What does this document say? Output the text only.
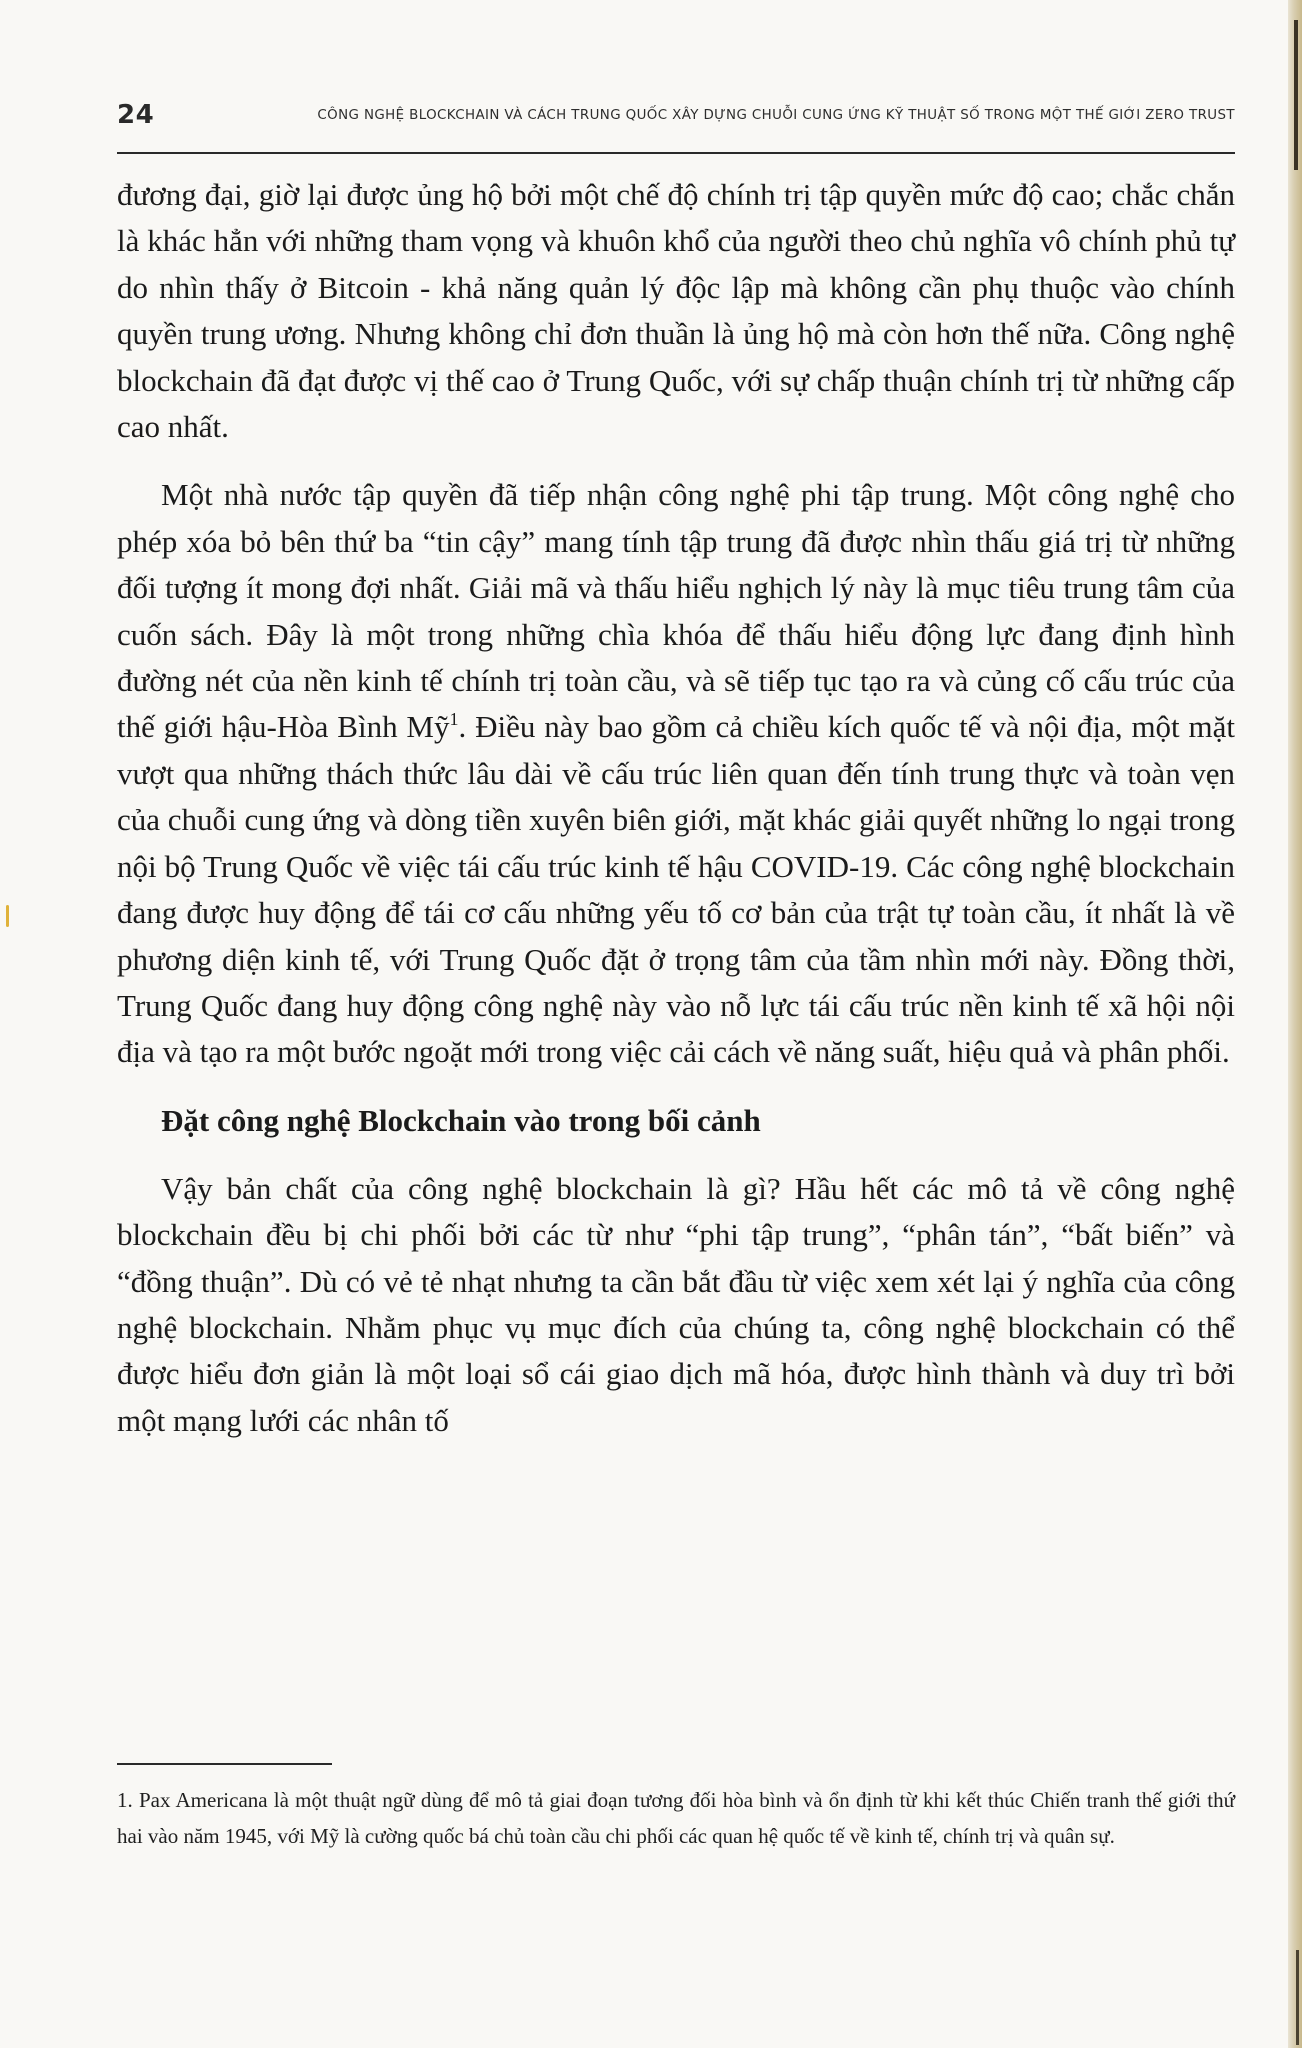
24	CÔNG NGHỆ BLOCKCHAIN VÀ CÁCH TRUNG QUỐC XÂY DỰNG CHUỖI CUNG ỨNG KỸ THUẬT SỐ TRONG MỘT THẾ GIỚI ZERO TRUST

đương đại, giờ lại được ủng hộ bởi một chế độ chính trị tập quyền mức độ cao; chắc chắn là khác hẳn với những tham vọng và khuôn khổ của người theo chủ nghĩa vô chính phủ tự do nhìn thấy ở Bitcoin - khả năng quản lý độc lập mà không cần phụ thuộc vào chính quyền trung ương. Nhưng không chỉ đơn thuần là ủng hộ mà còn hơn thế nữa. Công nghệ blockchain đã đạt được vị thế cao ở Trung Quốc, với sự chấp thuận chính trị từ những cấp cao nhất.

Một nhà nước tập quyền đã tiếp nhận công nghệ phi tập trung. Một công nghệ cho phép xóa bỏ bên thứ ba “tin cậy” mang tính tập trung đã được nhìn thấu giá trị từ những đối tượng ít mong đợi nhất. Giải mã và thấu hiểu nghịch lý này là mục tiêu trung tâm của cuốn sách. Đây là một trong những chìa khóa để thấu hiểu động lực đang định hình đường nét của nền kinh tế chính trị toàn cầu, và sẽ tiếp tục tạo ra và củng cố cấu trúc của thế giới hậu-Hòa Bình Mỹ$^1$. Điều này bao gồm cả chiều kích quốc tế và nội địa, một mặt vượt qua những thách thức lâu dài về cấu trúc liên quan đến tính trung thực và toàn vẹn của chuỗi cung ứng và dòng tiền xuyên biên giới, mặt khác giải quyết những lo ngại trong nội bộ Trung Quốc về việc tái cấu trúc kinh tế hậu COVID-19. Các công nghệ blockchain đang được huy động để tái cơ cấu những yếu tố cơ bản của trật tự toàn cầu, ít nhất là về phương diện kinh tế, với Trung Quốc đặt ở trọng tâm của tầm nhìn mới này. Đồng thời, Trung Quốc đang huy động công nghệ này vào nỗ lực tái cấu trúc nền kinh tế xã hội nội địa và tạo ra một bước ngoặt mới trong việc cải cách về năng suất, hiệu quả và phân phối.

Đặt công nghệ Blockchain vào trong bối cảnh

Vậy bản chất của công nghệ blockchain là gì? Hầu hết các mô tả về công nghệ blockchain đều bị chi phối bởi các từ như “phi tập trung”, “phân tán”, “bất biến” và “đồng thuận”. Dù có vẻ tẻ nhạt nhưng ta cần bắt đầu từ việc xem xét lại ý nghĩa của công nghệ blockchain. Nhằm phục vụ mục đích của chúng ta, công nghệ blockchain có thể được hiểu đơn giản là một loại sổ cái giao dịch mã hóa, được hình thành và duy trì bởi một mạng lưới các nhân tố

1. Pax Americana là một thuật ngữ dùng để mô tả giai đoạn tương đối hòa bình và ổn định từ khi kết thúc Chiến tranh thế giới thứ hai vào năm 1945, với Mỹ là cường quốc bá chủ toàn cầu chi phối các quan hệ quốc tế về kinh tế, chính trị và quân sự.
